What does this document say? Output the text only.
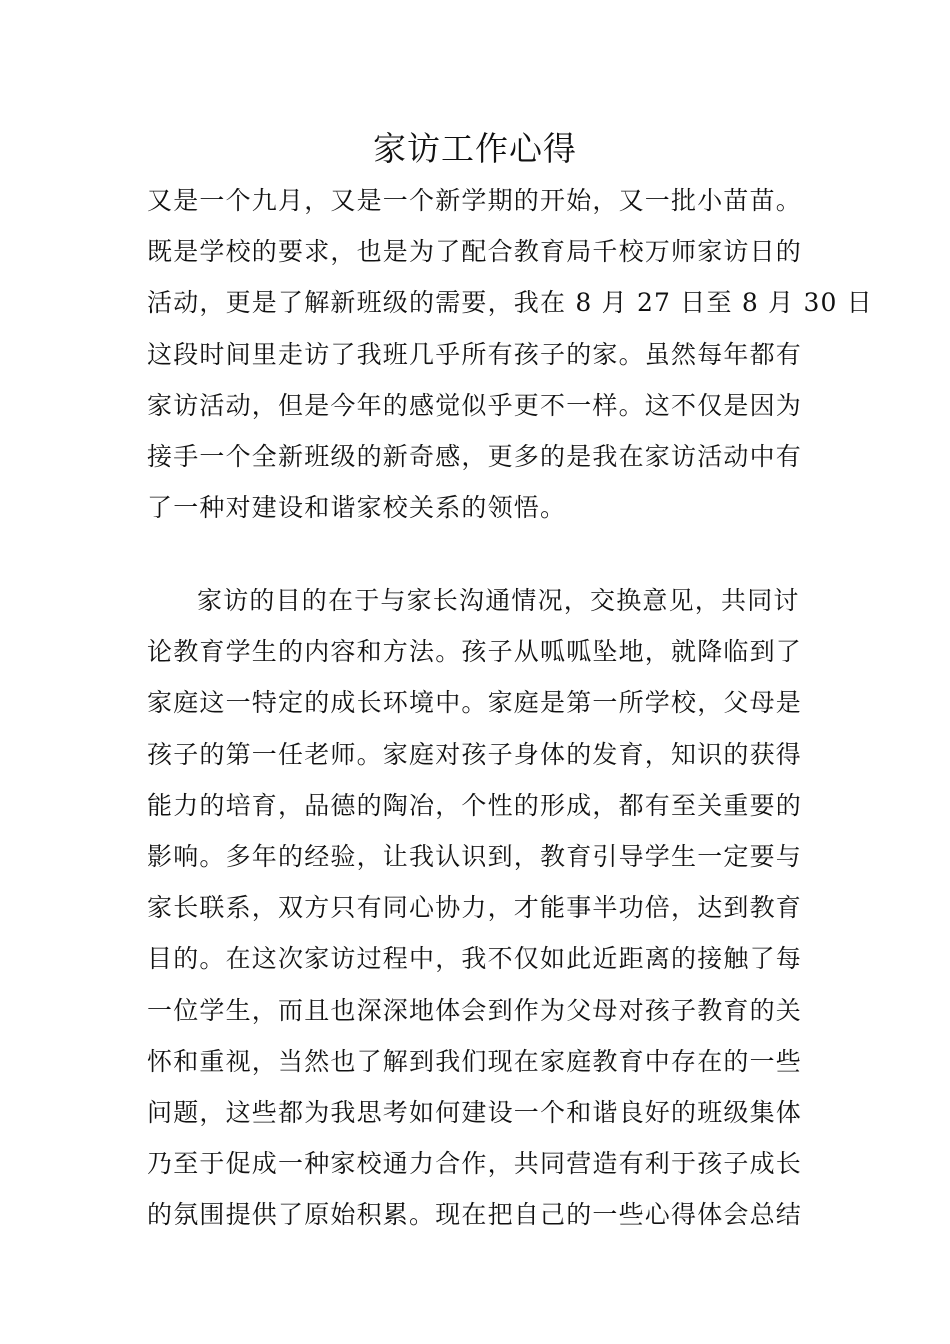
家访工作心得
又是一个九月，又是一个新学期的开始，又一批小苗苗。
既是学校的要求，也是为了配合教育局千校万师家访日的
活动，更是了解新班级的需要，我在 8 月 27 日至 8 月 30 日
这段时间里走访了我班几乎所有孩子的家。虽然每年都有
家访活动，但是今年的感觉似乎更不一样。这不仅是因为
接手一个全新班级的新奇感，更多的是我在家访活动中有
了一种对建设和谐家校关系的领悟。
家访的目的在于与家长沟通情况，交换意见，共同讨
论教育学生的内容和方法。孩子从呱呱坠地，就降临到了
家庭这一特定的成长环境中。家庭是第一所学校，父母是
孩子的第一任老师。家庭对孩子身体的发育，知识的获得
能力的培育，品德的陶冶，个性的形成，都有至关重要的
影响。多年的经验，让我认识到，教育引导学生一定要与
家长联系，双方只有同心协力，才能事半功倍，达到教育
目的。在这次家访过程中，我不仅如此近距离的接触了每
一位学生，而且也深深地体会到作为父母对孩子教育的关
怀和重视，当然也了解到我们现在家庭教育中存在的一些
问题，这些都为我思考如何建设一个和谐良好的班级集体
乃至于促成一种家校通力合作，共同营造有利于孩子成长
的氛围提供了原始积累。现在把自己的一些心得体会总结
